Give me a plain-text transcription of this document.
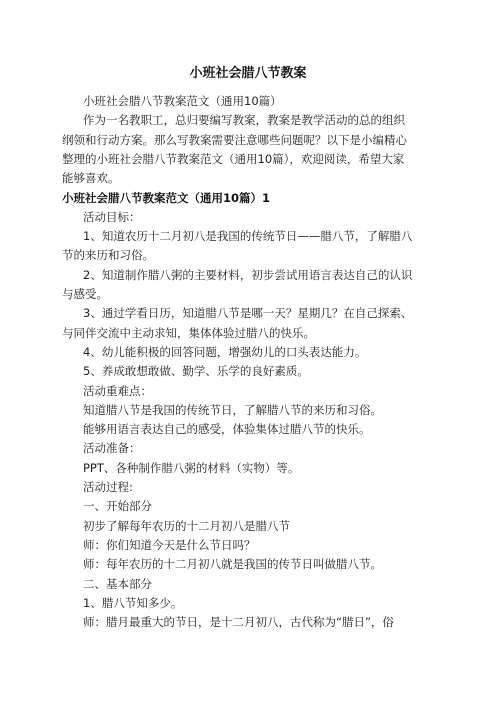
小班社会腊八节教案
小班社会腊八节教案范文（通用10篇）
作为一名教职工，总归要编写教案，教案是教学活动的总的组织
纲领和行动方案。那么写教案需要注意哪些问题呢？以下是小编精心
整理的小班社会腊八节教案范文（通用10篇），欢迎阅读，希望大家
能够喜欢。
小班社会腊八节教案范文（通用10篇）1
活动目标：
1、知道农历十二月初八是我国的传统节日——腊八节，了解腊八
节的来历和习俗。
2、知道制作腊八粥的主要材料，初步尝试用语言表达自己的认识
与感受。
3、通过学看日历，知道腊八节是哪一天？星期几？在自己探索、
与同伴交流中主动求知，集体体验过腊八的快乐。
4、幼儿能积极的回答问题，增强幼儿的口头表达能力。
5、养成敢想敢做、勤学、乐学的良好素质。
活动重难点：
知道腊八节是我国的传统节日，了解腊八节的来历和习俗。
能够用语言表达自己的感受，体验集体过腊八节的快乐。
活动准备：
PPT、各种制作腊八粥的材料（实物）等。
活动过程:
一、开始部分
初步了解每年农历的十二月初八是腊八节
师：你们知道今天是什么节日吗？
师：每年农历的十二月初八就是我国的传节日叫做腊八节。
二、基本部分
1、腊八节知多少。
师：腊月最重大的节日，是十二月初八，古代称为“腊日”，俗
